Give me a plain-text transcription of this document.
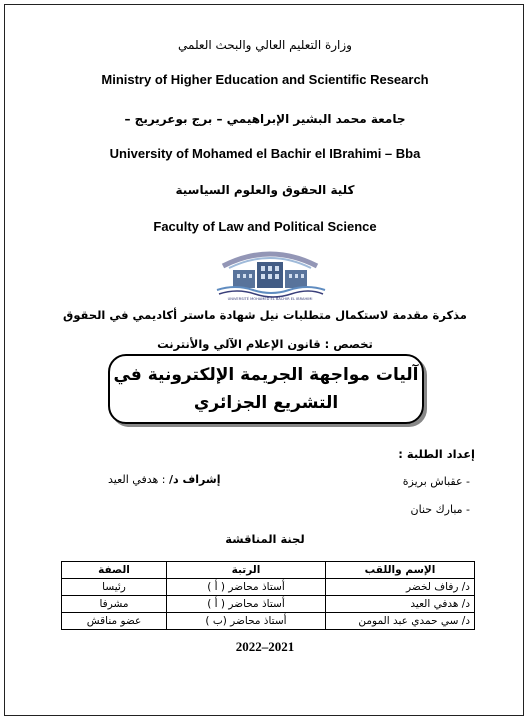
وزارة التعليم العالي والبحث العلمي
Ministry of Higher Education and Scientific Research
جامعة محمد البشير الإبراهيمي – برج بوعريريج –
University of Mohamed el Bachir el IBrahimi – Bba
كلية الحقوق والعلوم السياسية
Faculty of Law and Political Science
UNIVERSITÉ MOHAMED EL BACHIR EL IBRAHIMI
مذكرة مقدمة لاستكمال متطلبات نيل شهادة ماستر أكاديمي في الحقوق
تخصص : قانون الإعلام الآلي والأنترنت
آليات مواجهة الجريمة الإلكترونية في
التشريع الجزائري
إعداد الطلبة :
- عقباش بريزة
- مبارك حنان
إشراف د/ : هدفي العيد
لجنة المناقشة
الإسم واللقب	الرتبة	الصفة
د/ رفاف لخضر	أستاذ محاضر ( أ )	رئيسا
د/ هدفي العيد	أستاذ محاضر ( أ )	مشرفا
د/ سي حمدي عبد المومن	أستاذ محاضر (ب )	عضو مناقش
2022–2021
